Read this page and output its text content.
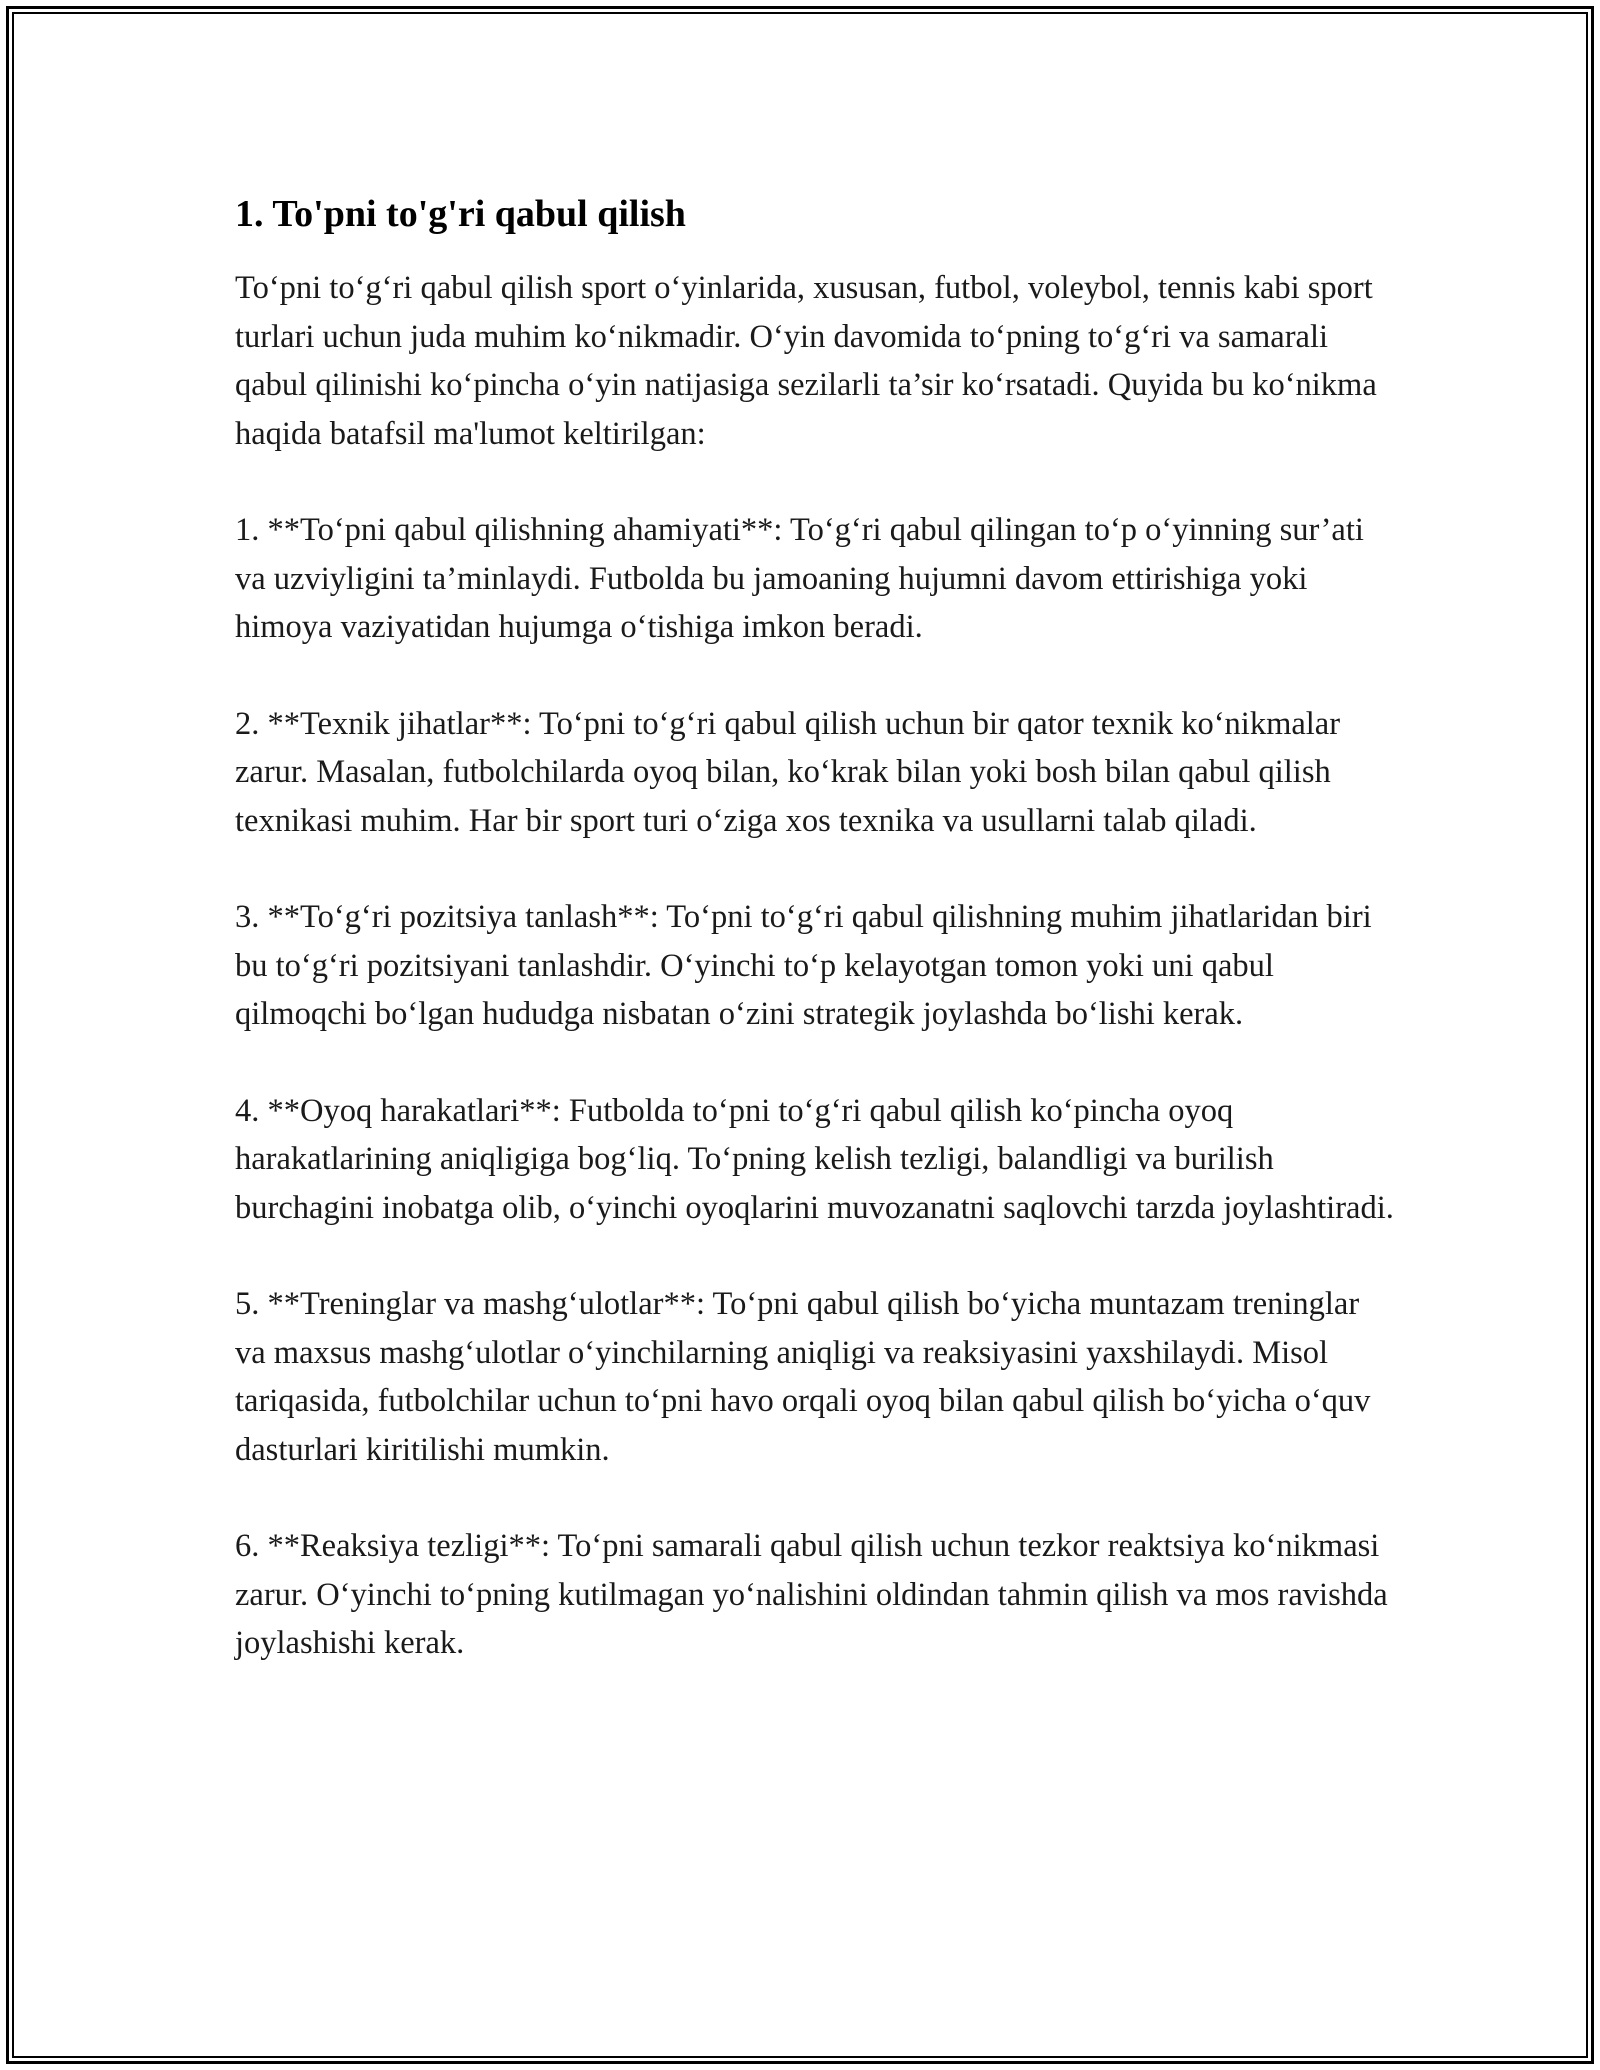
1. To'pni to'g'ri qabul qilish

To‘pni to‘g‘ri qabul qilish sport o‘yinlarida, xususan, futbol, voleybol, tennis kabi sport turlari uchun juda muhim ko‘nikmadir. O‘yin davomida to‘pning to‘g‘ri va samarali qabul qilinishi ko‘pincha o‘yin natijasiga sezilarli ta’sir ko‘rsatadi. Quyida bu ko‘nikma haqida batafsil ma'lumot keltirilgan:

1. **To‘pni qabul qilishning ahamiyati**: To‘g‘ri qabul qilingan to‘p o‘yinning sur’ati va uzviyligini ta’minlaydi. Futbolda bu jamoaning hujumni davom ettirishiga yoki himoya vaziyatidan hujumga o‘tishiga imkon beradi.

2. **Texnik jihatlar**: To‘pni to‘g‘ri qabul qilish uchun bir qator texnik ko‘nikmalar zarur. Masalan, futbolchilarda oyoq bilan, ko‘krak bilan yoki bosh bilan qabul qilish texnikasi muhim. Har bir sport turi o‘ziga xos texnika va usullarni talab qiladi.

3. **To‘g‘ri pozitsiya tanlash**: To‘pni to‘g‘ri qabul qilishning muhim jihatlaridan biri bu to‘g‘ri pozitsiyani tanlashdir. O‘yinchi to‘p kelayotgan tomon yoki uni qabul qilmoqchi bo‘lgan hududga nisbatan o‘zini strategik joylashda bo‘lishi kerak.

4. **Oyoq harakatlari**: Futbolda to‘pni to‘g‘ri qabul qilish ko‘pincha oyoq harakatlarining aniqligiga bog‘liq. To‘pning kelish tezligi, balandligi va burilish burchagini inobatga olib, o‘yinchi oyoqlarini muvozanatni saqlovchi tarzda joylashtiradi.

5. **Treninglar va mashg‘ulotlar**: To‘pni qabul qilish bo‘yicha muntazam treninglar va maxsus mashg‘ulotlar o‘yinchilarning aniqligi va reaksiyasini yaxshilaydi. Misol tariqasida, futbolchilar uchun to‘pni havo orqali oyoq bilan qabul qilish bo‘yicha o‘quv dasturlari kiritilishi mumkin.

6. **Reaksiya tezligi**: To‘pni samarali qabul qilish uchun tezkor reaktsiya ko‘nikmasi zarur. O‘yinchi to‘pning kutilmagan yo‘nalishini oldindan tahmin qilish va mos ravishda joylashishi kerak.
